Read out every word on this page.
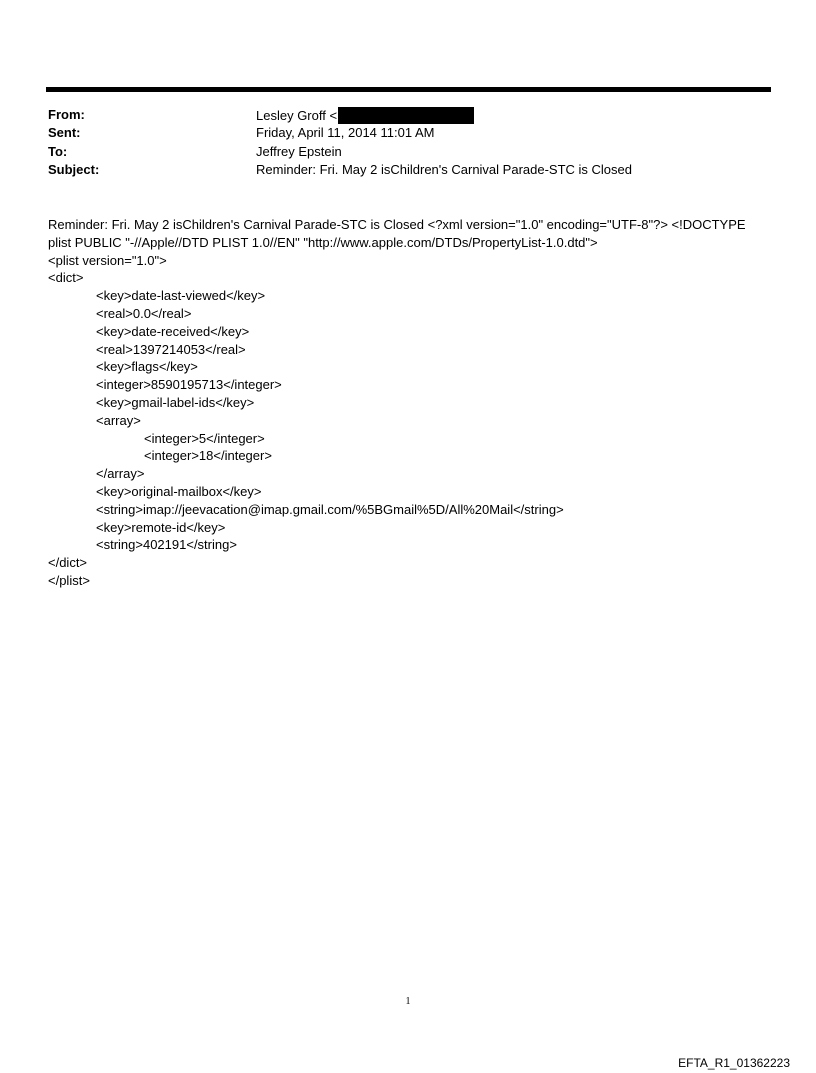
From:	Lesley Groff <
Sent:	Friday, April 11, 2014 11:01 AM
To:	Jeffrey Epstein
Subject:	Reminder: Fri. May 2 isChildren's Carnival Parade-STC is Closed
Reminder: Fri. May 2 isChildren's Carnival Parade-STC is Closed <?xml version="1.0" encoding="UTF-8"?> <!DOCTYPE plist PUBLIC "-//Apple//DTD PLIST 1.0//EN" "http://www.apple.com/DTDs/PropertyList-1.0.dtd">
<plist version="1.0">
<dict>
<key>date-last-viewed</key>
<real>0.0</real>
<key>date-received</key>
<real>1397214053</real>
<key>flags</key>
<integer>8590195713</integer>
<key>gmail-label-ids</key>
<array>
<integer>5</integer>
<integer>18</integer>
</array>
<key>original-mailbox</key>
<string>imap://jeevacation@imap.gmail.com/%5BGmail%5D/All%20Mail</string>
<key>remote-id</key>
<string>402191</string>
</dict>
</plist>
1
EFTA_R1_01362223
